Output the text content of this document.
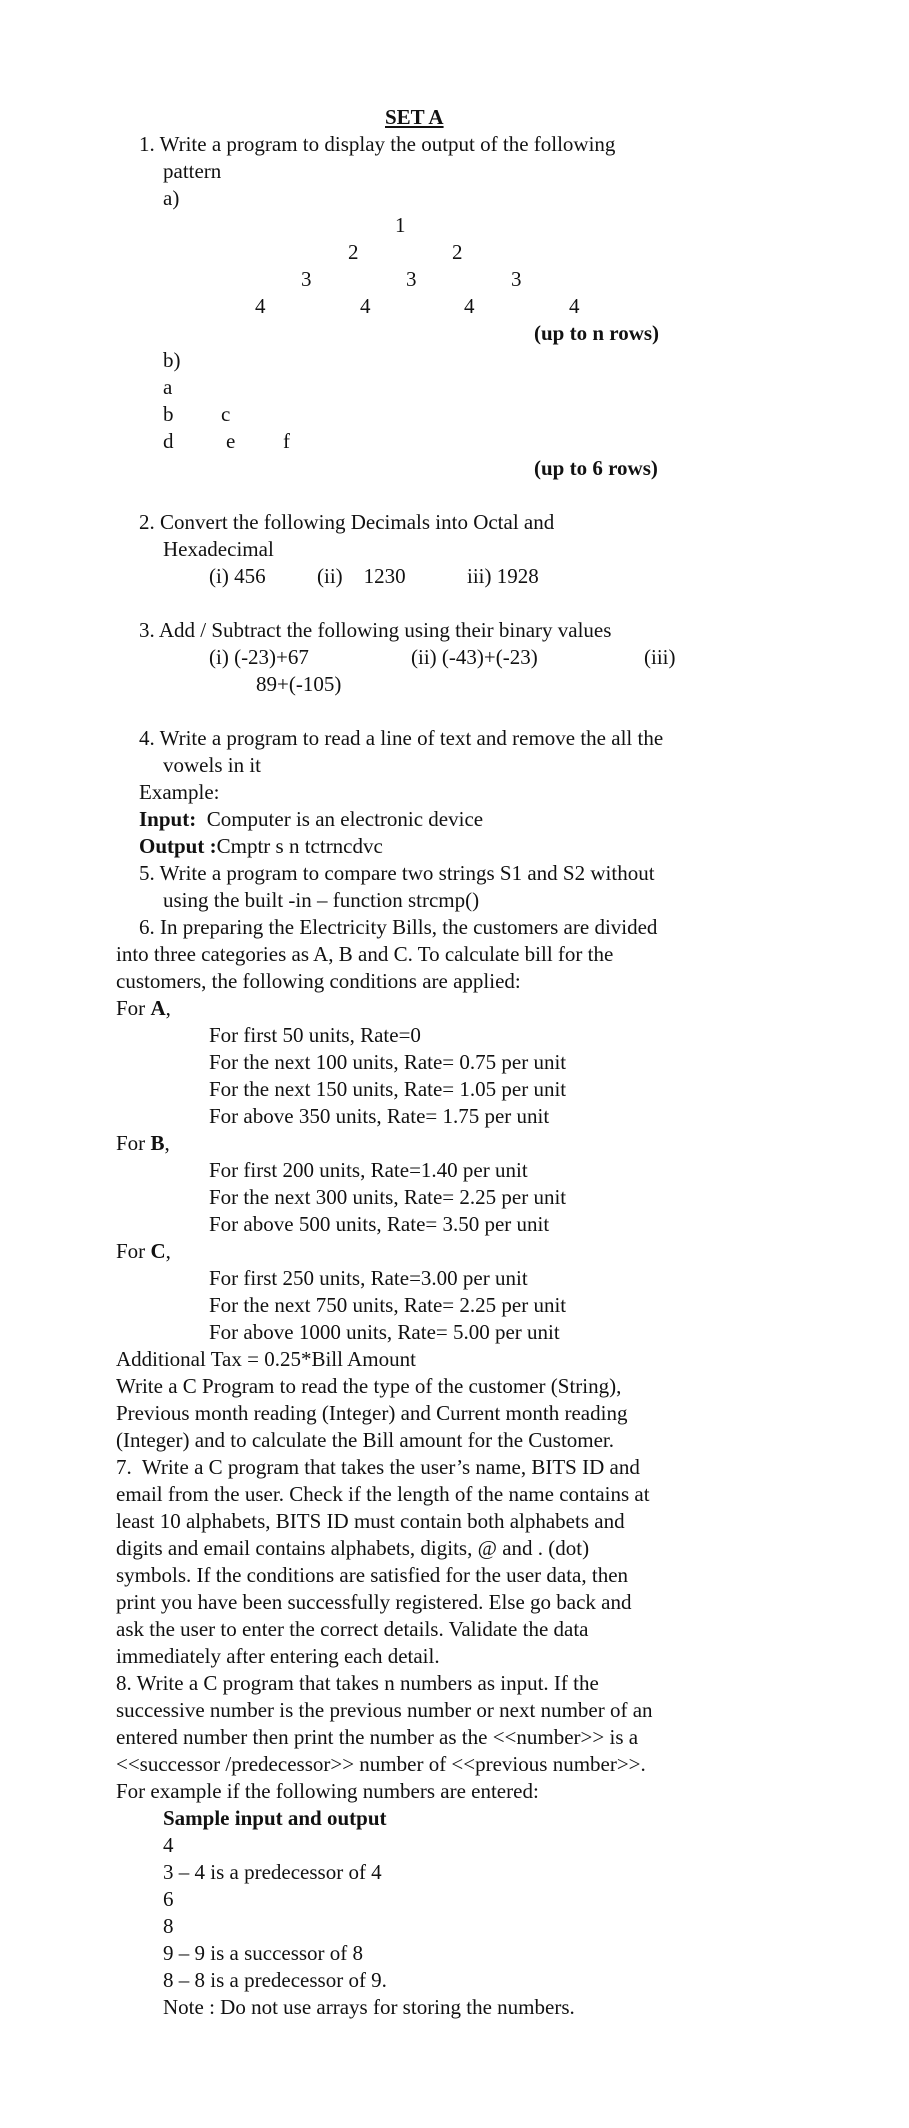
SET A
1. Write a program to display the output of the following
pattern
a)
1
2	2
3	3	3
4	4	4	4
(up to n rows)
b)
a
b c
d	e f
(up to 6 rows)
2. Convert the following Decimals into Octal and
Hexadecimal
(i) 456 (ii)    1230	iii) 1928
3. Add / Subtract the following using their binary values
(i) (-23)+67	(ii) (-43)+(-23)	(iii)
89+(-105)
4. Write a program to read a line of text and remove the all the
vowels in it
Example:
Input:  Computer is an electronic device
Output :Cmptr s n tctrncdvc
5. Write a program to compare two strings S1 and S2 without
using the built -in – function strcmp()
6. In preparing the Electricity Bills, the customers are divided
into three categories as A, B and C. To calculate bill for the
customers, the following conditions are applied:
For A,
For first 50 units, Rate=0
For the next 100 units, Rate= 0.75 per unit
For the next 150 units, Rate= 1.05 per unit
For above 350 units, Rate= 1.75 per unit
For B,
For first 200 units, Rate=1.40 per unit
For the next 300 units, Rate= 2.25 per unit
For above 500 units, Rate= 3.50 per unit
For C,
For first 250 units, Rate=3.00 per unit
For the next 750 units, Rate= 2.25 per unit
For above 1000 units, Rate= 5.00 per unit
Additional Tax = 0.25*Bill Amount
Write a C Program to read the type of the customer (String),
Previous month reading (Integer) and Current month reading
(Integer) and to calculate the Bill amount for the Customer.
7.  Write a C program that takes the user’s name, BITS ID and
email from the user. Check if the length of the name contains at
least 10 alphabets, BITS ID must contain both alphabets and
digits and email contains alphabets, digits, @ and . (dot)
symbols. If the conditions are satisfied for the user data, then
print you have been successfully registered. Else go back and
ask the user to enter the correct details. Validate the data
immediately after entering each detail.
8. Write a C program that takes n numbers as input. If the
successive number is the previous number or next number of an
entered number then print the number as the <<number>> is a
<<successor /predecessor>> number of <<previous number>>.
For example if the following numbers are entered:
Sample input and output
4
3 – 4 is a predecessor of 4
6
8
9 – 9 is a successor of 8
8 – 8 is a predecessor of 9.
Note : Do not use arrays for storing the numbers.
